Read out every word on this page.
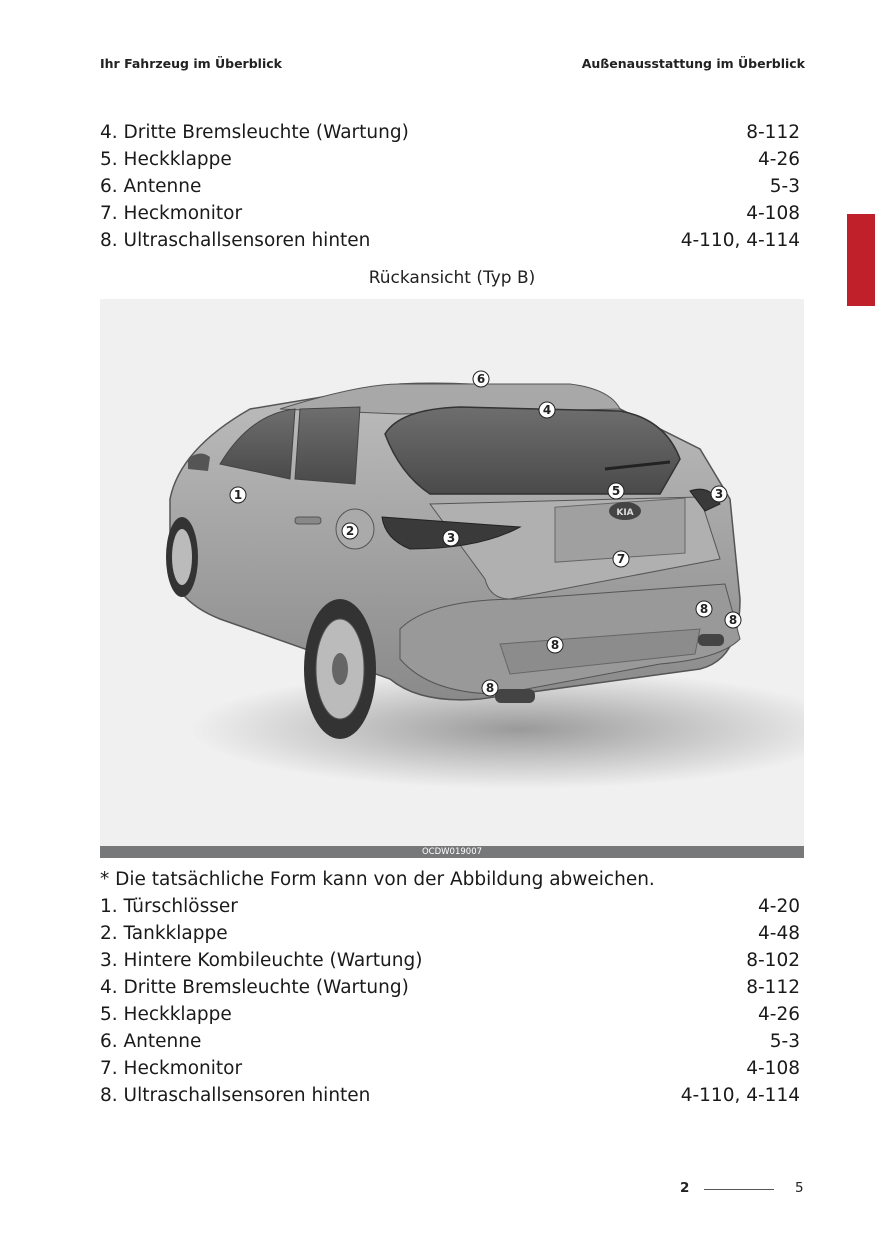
Ihr Fahrzeug im Überblick	Außenausstattung im Überblick
2
4. Dritte Bremsleuchte (Wartung)	8-112
5. Heckklappe	4-26
6. Antenne	5-3
7. Heckmonitor	4-108
8. Ultraschallsensoren hinten	4-110, 4-114
Rückansicht (Typ B)
KIA
6
4
5	3
1
2	3
7
8
8
8
8
OCDW019007
* Die tatsächliche Form kann von der Abbildung abweichen.
1. Türschlösser	4-20
2. Tankklappe	4-48
3. Hintere Kombileuchte (Wartung)	8-102
4. Dritte Bremsleuchte (Wartung)	8-112
5. Heckklappe	4-26
6. Antenne	5-3
7. Heckmonitor	4-108
8. Ultraschallsensoren hinten	4-110, 4-114
2	5
